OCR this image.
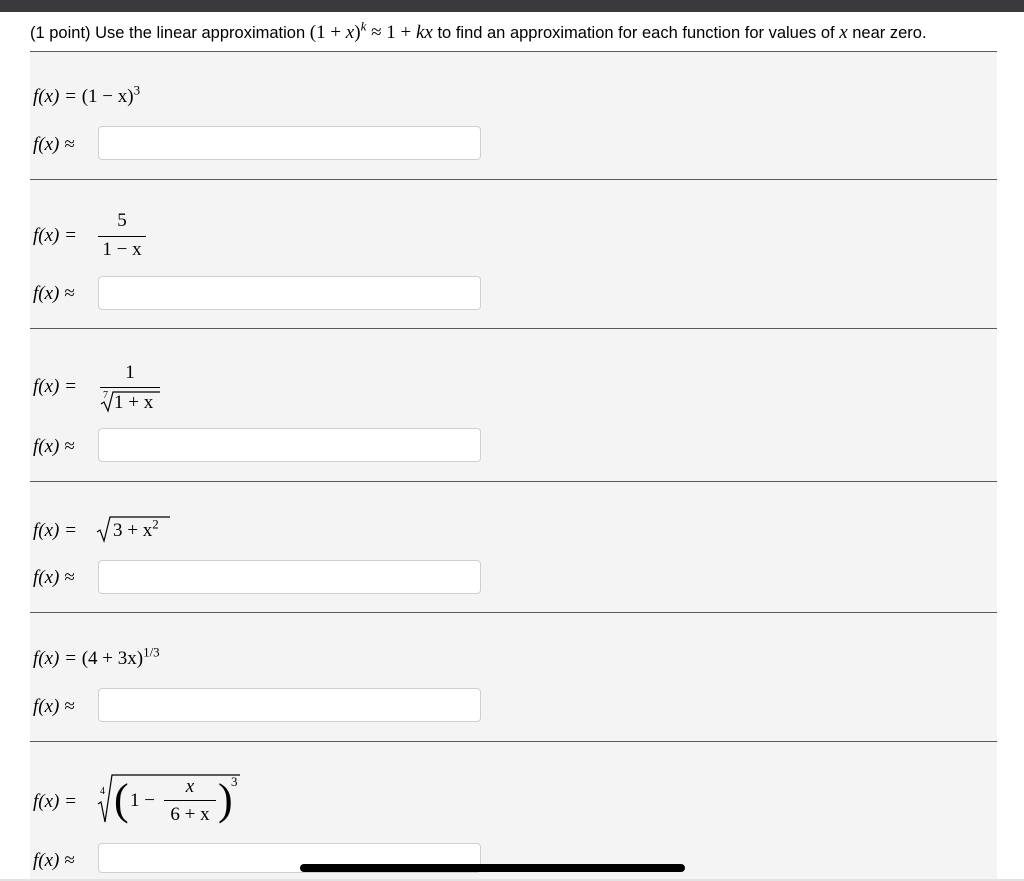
(1 point) Use the linear approximation $(1 + x)^k \approx 1$ + kx to find an approximation for each function for values of x near zero.
$f(x) = (1 - x)^3$
f(x) ≈
f(x) =
5
1 − x
f(x) ≈
f(x) =
1
7 1 + x
f(x) ≈
$f(x) = 3 + x^2$
f(x) ≈
$f(x) = (4 + 3x)^{1/3}$
f(x) ≈
f(x) = 4 ( 1 −
x
6 + x )
3
f(x) ≈
